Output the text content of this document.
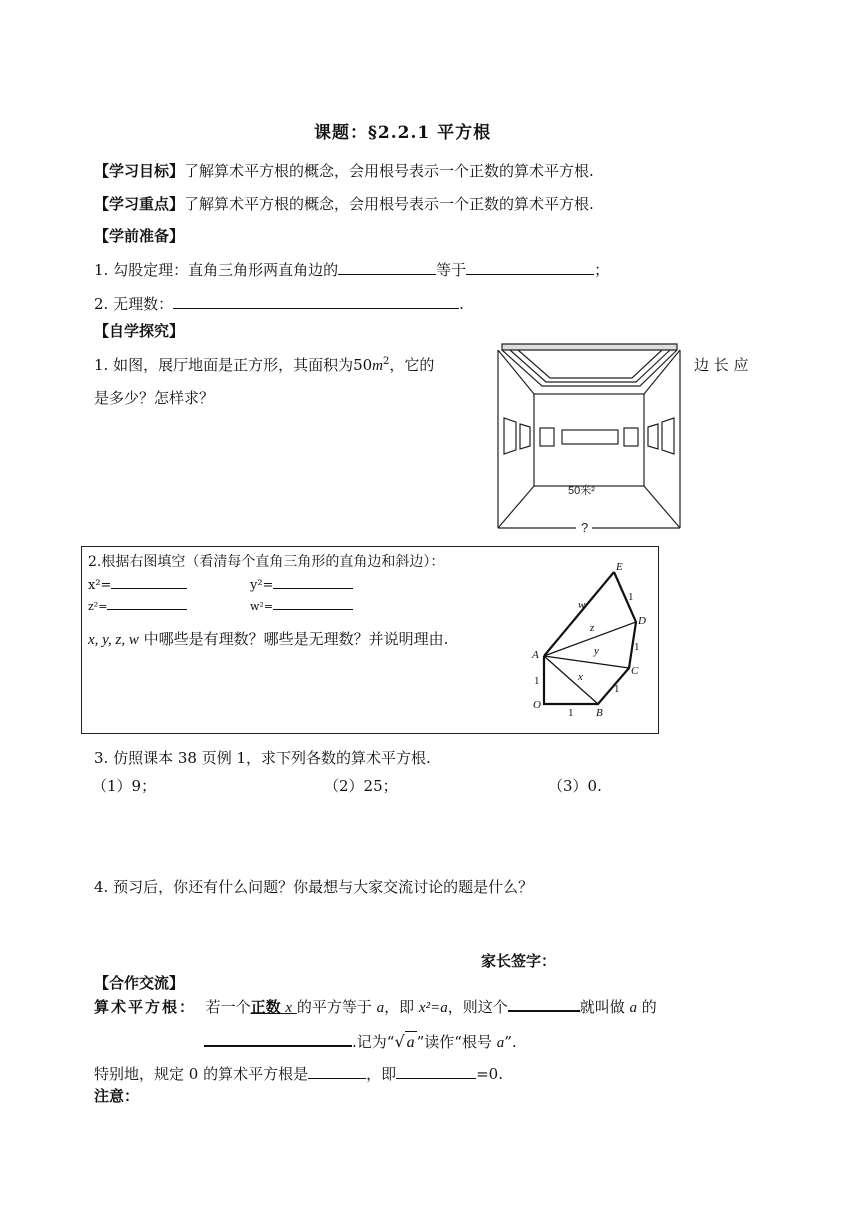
课题：§2.2.1 平方根
【学习目标】了解算术平方根的概念，会用根号表示一个正数的算术平方根.
【学习重点】了解算术平方根的概念，会用根号表示一个正数的算术平方根.
【学前准备】
1. 勾股定理：直角三角形两直角边的	等于	；
2. 无理数：	.
【自学探究】
1. 如图，展厅地面是正方形，其面积为$50m^2$，它的	边 长 应
是多少？怎样求？
50米²
?
2.根据右图填空（看清每个直角三角形的直角边和斜边）：
x²=	y²=
z²=	w²=
x, y, z, w 中哪些是有理数？哪些是无理数？并说明理由.
E
D
C
B
A
O
w
z
y
x
1
1
1
1
1
3. 仿照课本 38 页例 1，求下列各数的算术平方根.
（1）9；	（2）25；	（3）0.
4. 预习后，你还有什么问题？你最想与大家交流讨论的题是什么？
家长签字：
【合作交流】
算术平方根： 若一个正数 x 的平方等于 a，即 x²=a，则这个	就叫做 a 的
.记为“√ a ”读作“根号 a”.
特别地，规定 0 的算术平方根是	，即	=0.
注意：
